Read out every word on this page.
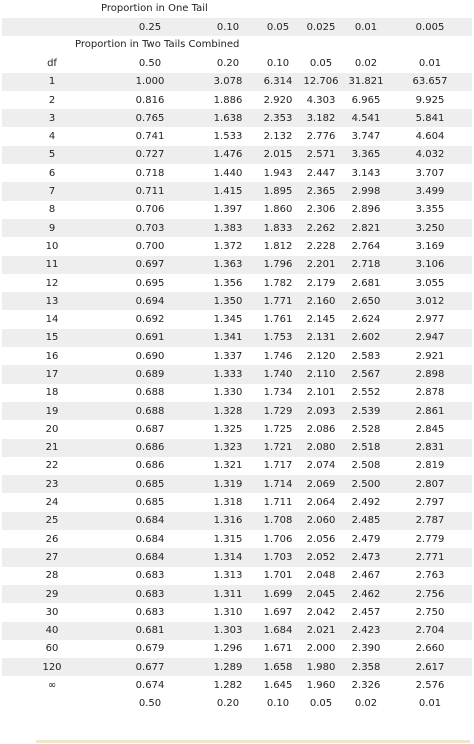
Proportion in One Tail
	0.25	0.10	0.05	0.025	0.01	0.005
Proportion in Two Tails Combined
df	0.50	0.20	0.10	0.05	0.02	0.01
1	1.000	3.078	6.314	12.706	31.821	63.657
2	0.816	1.886	2.920	4.303	6.965	9.925
3	0.765	1.638	2.353	3.182	4.541	5.841
4	0.741	1.533	2.132	2.776	3.747	4.604
5	0.727	1.476	2.015	2.571	3.365	4.032
6	0.718	1.440	1.943	2.447	3.143	3.707
7	0.711	1.415	1.895	2.365	2.998	3.499
8	0.706	1.397	1.860	2.306	2.896	3.355
9	0.703	1.383	1.833	2.262	2.821	3.250
10	0.700	1.372	1.812	2.228	2.764	3.169
11	0.697	1.363	1.796	2.201	2.718	3.106
12	0.695	1.356	1.782	2.179	2.681	3.055
13	0.694	1.350	1.771	2.160	2.650	3.012
14	0.692	1.345	1.761	2.145	2.624	2.977
15	0.691	1.341	1.753	2.131	2.602	2.947
16	0.690	1.337	1.746	2.120	2.583	2.921
17	0.689	1.333	1.740	2.110	2.567	2.898
18	0.688	1.330	1.734	2.101	2.552	2.878
19	0.688	1.328	1.729	2.093	2.539	2.861
20	0.687	1.325	1.725	2.086	2.528	2.845
21	0.686	1.323	1.721	2.080	2.518	2.831
22	0.686	1.321	1.717	2.074	2.508	2.819
23	0.685	1.319	1.714	2.069	2.500	2.807
24	0.685	1.318	1.711	2.064	2.492	2.797
25	0.684	1.316	1.708	2.060	2.485	2.787
26	0.684	1.315	1.706	2.056	2.479	2.779
27	0.684	1.314	1.703	2.052	2.473	2.771
28	0.683	1.313	1.701	2.048	2.467	2.763
29	0.683	1.311	1.699	2.045	2.462	2.756
30	0.683	1.310	1.697	2.042	2.457	2.750
40	0.681	1.303	1.684	2.021	2.423	2.704
60	0.679	1.296	1.671	2.000	2.390	2.660
120	0.677	1.289	1.658	1.980	2.358	2.617
∞	0.674	1.282	1.645	1.960	2.326	2.576
	0.50	0.20	0.10	0.05	0.02	0.01
